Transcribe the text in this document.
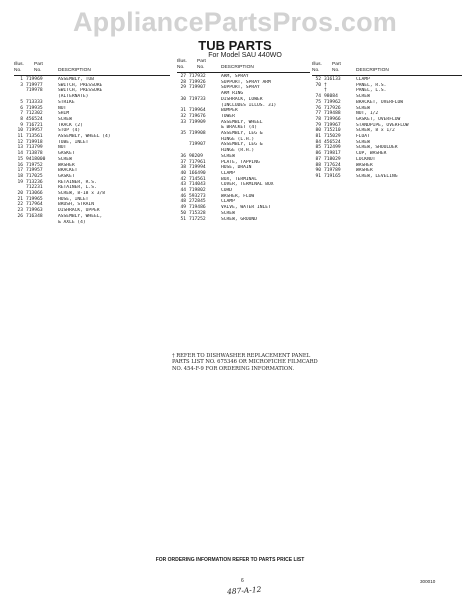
AppliancePartsPros.com
TUB PARTS
For Model SAU 440WO
Illus.
No.
Part
No.	DESCRIPTION
1 719969	ASSEMBLY, TUB
3 719977	SWITCH, PRESSURE
719978	SWITCH, PRESSURE
(ALTERNATE)
5 713333	STRIKE
6 719935	NUT
7 712302	SHIM
8 456524	SCREW
9 716721	TRACK (2)
10 719957	STOP (4)
11 713561	ASSEMBLY, WHEEL (4)
12 719918	TUBE, INLET
13 713799	NUT
14 713878	GASKET
15 9418000	SCREW
16 719752	WASHER
17 719957	BRACKET
18 717025	GASKET
19 713236	RETAINER, R.S.
712231	RETAINER, L.S.
20 713066	SCREW, 8-18 x 3/8
21 719965	HOSE, INLET
22 717964	BRUSH, STRAIN
23 719963	DISHRACK, UPPER
26 716348	ASSEMBLY, WHEEL,
& AXLE (4)
Illus.
No.
Part
No.	DESCRIPTION
27 717932	ARM, SPRAY
28 719926	SUPPORT, SPRAY ARM
29 719907	SUPPORT, SPRAY
ARM RING
30 719733	DISHRACK, LOWER
(INCLUDES ILLUS. 31)
31 719964	BUMPER
32 719676	TOWER
33 719909	ASSEMBLY, WHEEL
& BRACKET (4)
35 719908	ASSEMBLY, LEG &
HINGE (L.H.)
719907	ASSEMBLY, LEG &
HINGE (R.H.)
36 98209	SCREW
37 717961	PLATE, TAPPING
38 719994	HOSE, DRAIN
40 166490	CLAMP
42 714561	BOX, TERMINAL
43 714043	COVER, TERMINAL BOX
44 719802	CORD
46 593273	WASHER, FLOW
48 272845	CLAMP
49 719486	VALVE, WATER INLET
50 715328	SCREW
51 717252	SCREW, GROUND
Illus.
No.
Part
No.	DESCRIPTION
52 316133	CLAMP
70 †	PANEL, R.S.
†	PANEL, L.S.
74 98084	SCREW
75 719962	BRACKET, OVERFLOW
76 717926	SCREW
77 719488	NUT, 1/2
78 719966	GASKET, OVERFLOW
79 719967	STANDPIPE, OVERFLOW
80 715210	SCREW, 8 x 1/2
81 715029	FLOAT
84 456524	SCREW
85 712499	SCREW, SHOULDER
86 719817	CUP, WASHER
87 718029	LOCKNUT
88 717624	WASHER
90 719789	WASHER
91 719165	SCREW, LEVELING
† REFER TO DISHWASHER REPLACEMENT PANEL PARTS LIST NO. 675346 OR MICROFICHE FILMCARD NO. 454-F-9 FOR ORDERING INFORMATION.
FOR ORDERING INFORMATION REFER TO PARTS PRICE LIST
6	300010
487-A-12
